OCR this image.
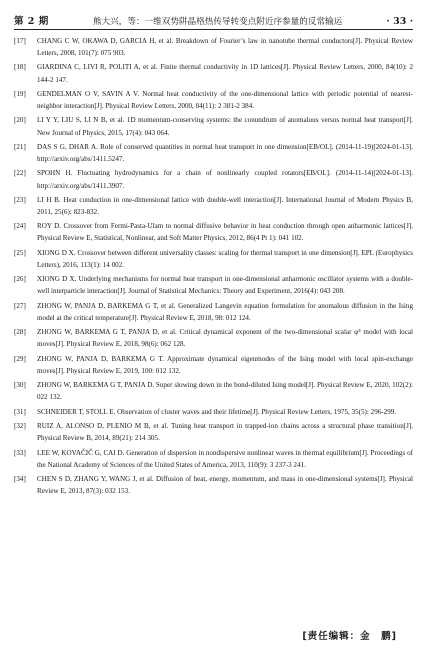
第 2 期	熊大兴，等：一维双势阱晶格热传导转变点附近序参量的反常输运	· 33 ·
[17]	CHANG C W, OKAWA D, GARCIA H, et al. Breakdown of Fourier’s law in nanotube thermal conductors[J]. Physical Review Letters, 2008, 101(7): 075 903.
[18]	GIARDINA C, LIVI R, POLITI A, et al. Finite thermal conductivity in 1D lattices[J]. Physical Review Letters, 2000, 84(10): 2 144-2 147.
[19]	GENDELMAN O V, SAVIN A V. Normal heat conductivity of the one-dimensional lattice with periodic potential of nearest-neighbor interaction[J]. Physical Review Letters, 2000, 84(11): 2 381-2 384.
[20]	LI Y Y, LIU S, LI N B, et al. 1D momentum-conserving systems: the conundrum of anomalous versus normal heat transport[J]. New Journal of Physics, 2015, 17(4): 043 064.
[21]	DAS S G, DHAR A. Role of conserved quantities in normal heat transport in one dimension[EB/OL]. (2014-11-19)[2024-01-13]. http://arxiv.org/abs/1411.5247.
[22]	SPOHN H. Fluctuating hydrodynamics for a chain of nonlinearly coupled rotators[EB/OL]. (2014-11-14)[2024-01-13]. http://arxiv.org/abs/1411.3907.
[23]	LI H B. Heat conduction in one-dimensional lattice with double-well interaction[J]. International Journal of Modern Physics B, 2011, 25(6): 823-832.
[24]	ROY D. Crossover from Fermi-Pasta-Ulam to normal diffusive behavior in heat conduction through open anharmonic lattices[J]. Physical Review E, Statistical, Nonlinear, and Soft Matter Physics, 2012, 86(4 Pt 1): 041 102.
[25]	XIONG D X. Crossover between different universality classes: scaling for thermal transport in one dimension[J]. EPL (Europhysics Letters), 2016, 113(1): 14 002.
[26]	XIONG D X. Underlying mechanisms for normal heat transport in one-dimensional anharmonic oscillator systems with a double-well interparticle interaction[J]. Journal of Statistical Mechanics: Theory and Experiment, 2016(4): 043 208.
[27]	ZHONG W, PANJA D, BARKEMA G T, et al. Generalized Langevin equation formulation for anomalous diffusion in the Ising model at the critical temperature[J]. Physical Review E, 2018, 98: 012 124.
[28]	ZHONG W, BARKEMA G T, PANJA D, et al. Critical dynamical exponent of the two-dimensional scalar φ⁴ model with local moves[J]. Physical Review E, 2018, 98(6): 062 128.
[29]	ZHONG W, PANJA D, BARKEMA G T. Approximate dynamical eigenmodes of the Ising model with local spin-exchange moves[J]. Physical Review E, 2019, 100: 012 132.
[30]	ZHONG W, BARKEMA G T, PANJA D. Super slowing down in the bond-diluted Ising model[J]. Physical Review E, 2020, 102(2): 022 132.
[31]	SCHNEIDER T, STOLL E. Observation of cluster waves and their lifetime[J]. Physical Review Letters, 1975, 35(5): 296-299.
[32]	RUIZ A, ALONSO D, PLENIO M B, et al. Tuning heat transport in trapped-ion chains across a structural phase transition[J]. Physical Review B, 2014, 89(21): 214 305.
[33]	LEE W, KOVAČIČ G, CAI D. Generation of dispersion in nondispersive nonlinear waves in thermal equilibrium[J]. Proceedings of the National Academy of Sciences of the United States of America, 2013, 110(9): 3 237-3 241.
[34]	CHEN S D, ZHANG Y, WANG J, et al. Diffusion of heat, energy, momentum, and mass in one-dimensional systems[J]. Physical Review E, 2013, 87(3): 032 153.
[责任编辑：金　鹏]
